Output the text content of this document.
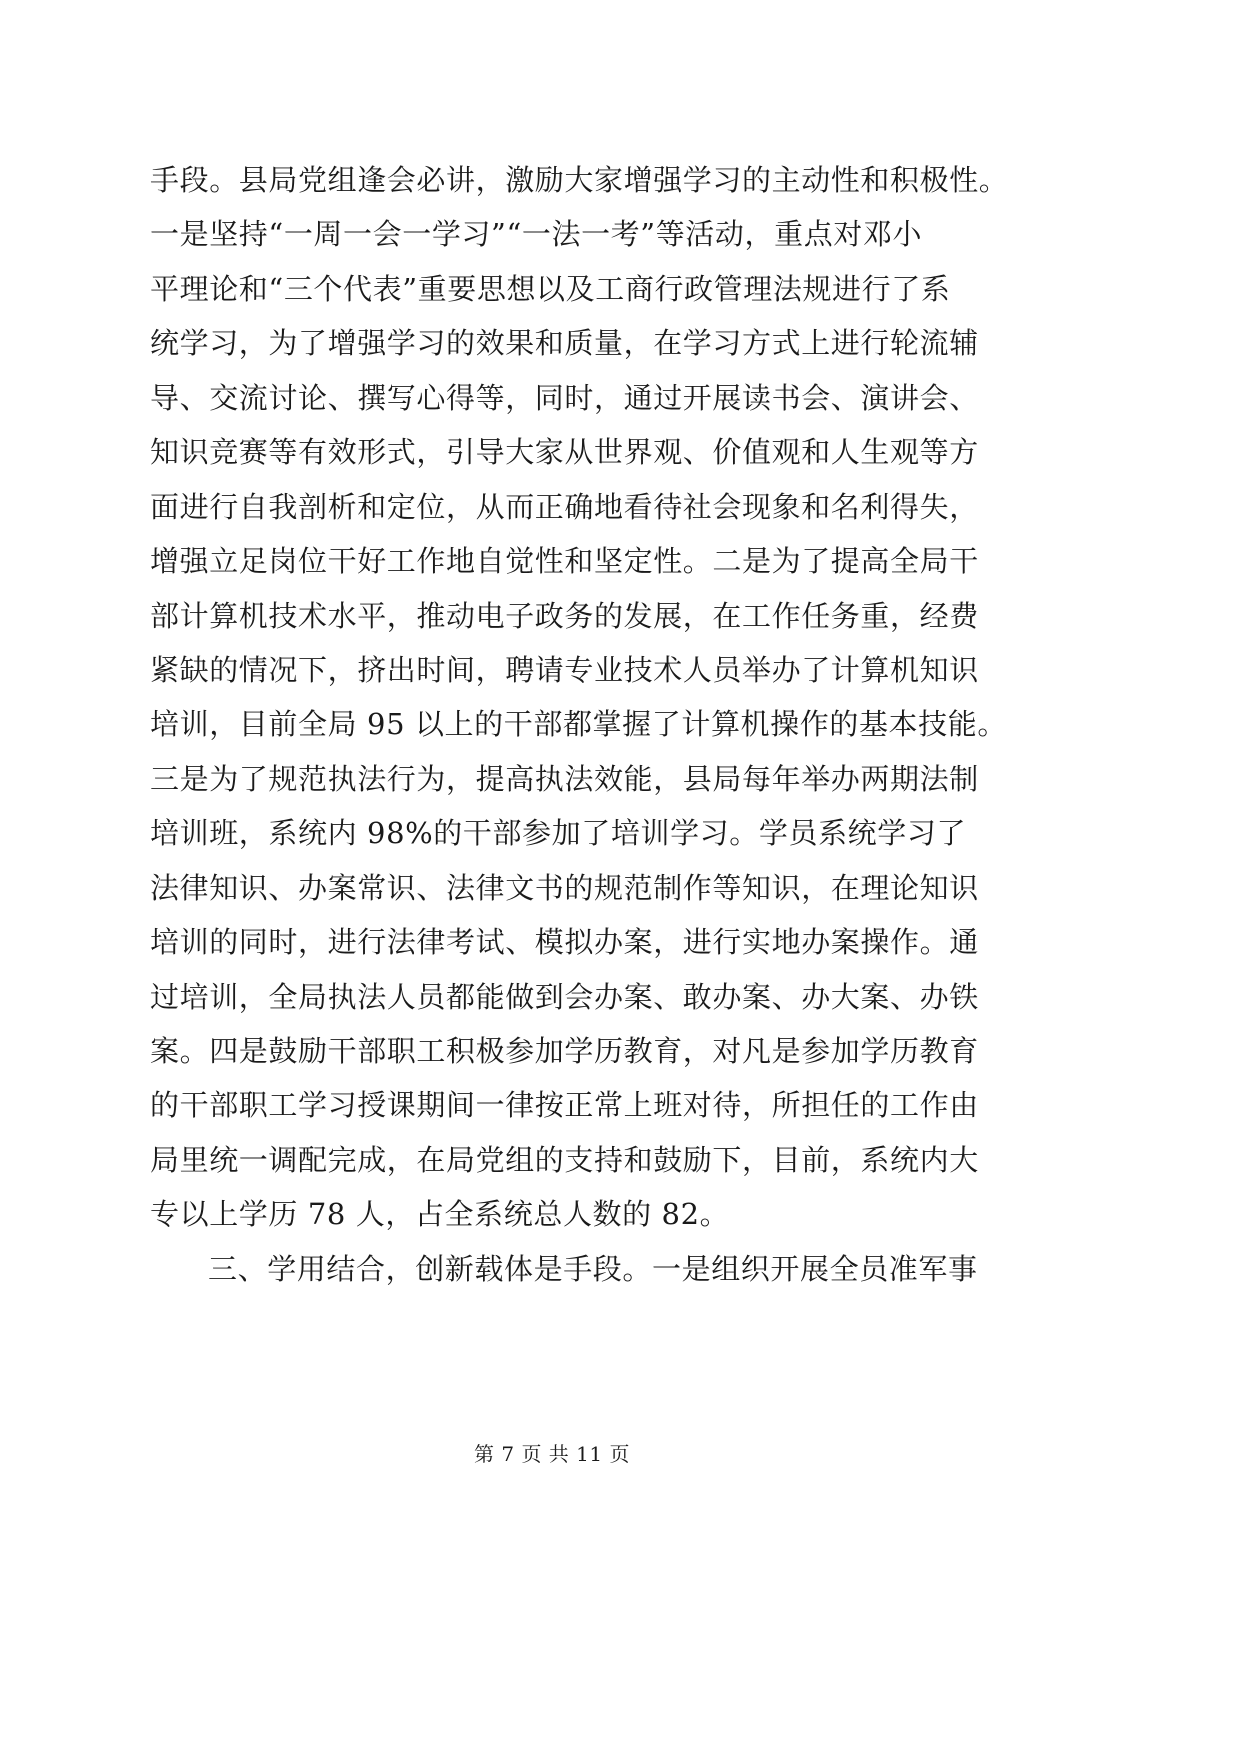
手段。县局党组逢会必讲，激励大家增强学习的主动性和积极性。
一是坚持“一周一会一学习”“一法一考”等活动，重点对邓小
平理论和“三个代表”重要思想以及工商行政管理法规进行了系
统学习，为了增强学习的效果和质量，在学习方式上进行轮流辅
导、交流讨论、撰写心得等，同时，通过开展读书会、演讲会、
知识竞赛等有效形式，引导大家从世界观、价值观和人生观等方
面进行自我剖析和定位，从而正确地看待社会现象和名利得失，
增强立足岗位干好工作地自觉性和坚定性。二是为了提高全局干
部计算机技术水平，推动电子政务的发展，在工作任务重，经费
紧缺的情况下，挤出时间，聘请专业技术人员举办了计算机知识
培训，目前全局 95 以上的干部都掌握了计算机操作的基本技能。
三是为了规范执法行为，提高执法效能，县局每年举办两期法制
培训班，系统内 98%的干部参加了培训学习。学员系统学习了
法律知识、办案常识、法律文书的规范制作等知识，在理论知识
培训的同时，进行法律考试、模拟办案，进行实地办案操作。通
过培训，全局执法人员都能做到会办案、敢办案、办大案、办铁
案。四是鼓励干部职工积极参加学历教育，对凡是参加学历教育
的干部职工学习授课期间一律按正常上班对待，所担任的工作由
局里统一调配完成，在局党组的支持和鼓励下，目前，系统内大
专以上学历 78 人，占全系统总人数的 82。
三、学用结合，创新载体是手段。一是组织开展全员准军事
第 7 页 共 11 页
